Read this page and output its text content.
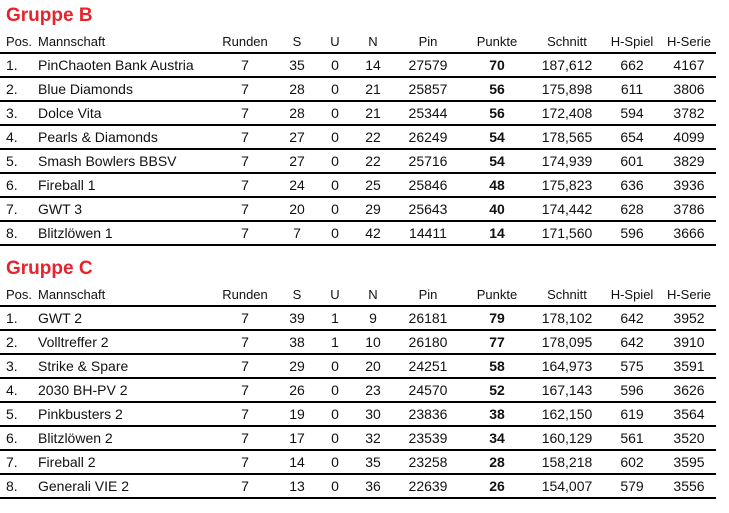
Gruppe B
Pos.	Mannschaft	Runden	S	U	N	Pin	Punkte	Schnitt	H-Spiel	H-Serie
1.	PinChaoten Bank Austria	7	35	0	14	27579	70	187,612	662	4167
2.	Blue Diamonds	7	28	0	21	25857	56	175,898	611	3806
3.	Dolce Vita	7	28	0	21	25344	56	172,408	594	3782
4.	Pearls & Diamonds	7	27	0	22	26249	54	178,565	654	4099
5.	Smash Bowlers BBSV	7	27	0	22	25716	54	174,939	601	3829
6.	Fireball 1	7	24	0	25	25846	48	175,823	636	3936
7.	GWT 3	7	20	0	29	25643	40	174,442	628	3786
8.	Blitzlöwen 1	7	7	0	42	14411	14	171,560	596	3666
Gruppe C
Pos.	Mannschaft	Runden	S	U	N	Pin	Punkte	Schnitt	H-Spiel	H-Serie
1.	GWT 2	7	39	1	9	26181	79	178,102	642	3952
2.	Volltreffer 2	7	38	1	10	26180	77	178,095	642	3910
3.	Strike & Spare	7	29	0	20	24251	58	164,973	575	3591
4.	2030 BH-PV 2	7	26	0	23	24570	52	167,143	596	3626
5.	Pinkbusters 2	7	19	0	30	23836	38	162,150	619	3564
6.	Blitzlöwen 2	7	17	0	32	23539	34	160,129	561	3520
7.	Fireball 2	7	14	0	35	23258	28	158,218	602	3595
8.	Generali VIE 2	7	13	0	36	22639	26	154,007	579	3556
